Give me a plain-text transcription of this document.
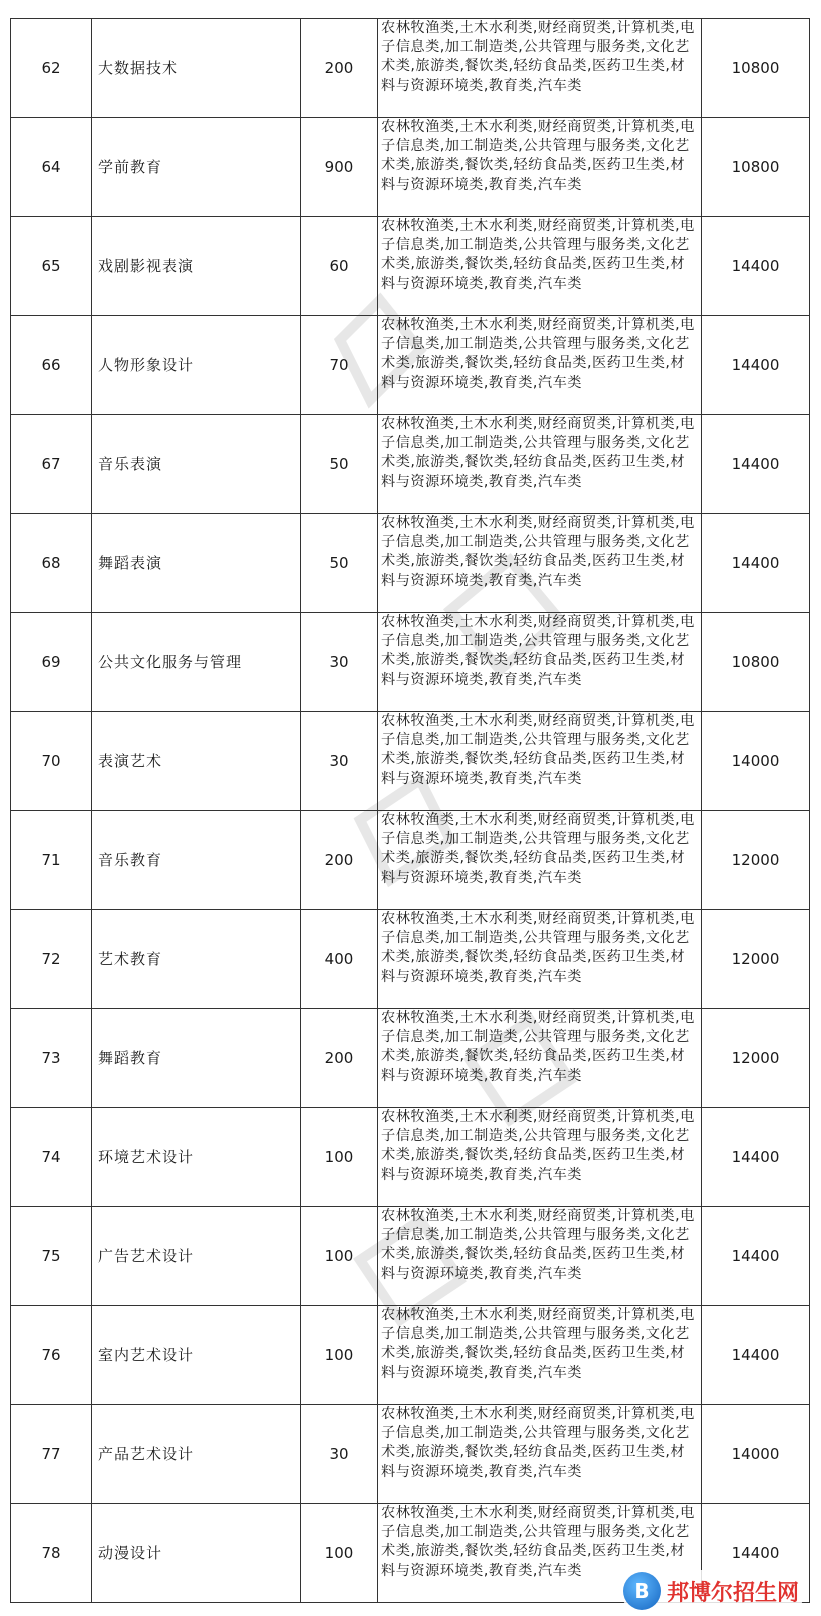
62	大数据技术	200	农林牧渔类,土木水利类,财经商贸类,计算机类,电子信息类,加工制造类,公共管理与服务类,文化艺术类,旅游类,餐饮类,轻纺食品类,医药卫生类,材料与资源环境类,教育类,汽车类	10800
64	学前教育	900	农林牧渔类,土木水利类,财经商贸类,计算机类,电子信息类,加工制造类,公共管理与服务类,文化艺术类,旅游类,餐饮类,轻纺食品类,医药卫生类,材料与资源环境类,教育类,汽车类	10800
65	戏剧影视表演	60	农林牧渔类,土木水利类,财经商贸类,计算机类,电子信息类,加工制造类,公共管理与服务类,文化艺术类,旅游类,餐饮类,轻纺食品类,医药卫生类,材料与资源环境类,教育类,汽车类	14400
66	人物形象设计	70	农林牧渔类,土木水利类,财经商贸类,计算机类,电子信息类,加工制造类,公共管理与服务类,文化艺术类,旅游类,餐饮类,轻纺食品类,医药卫生类,材料与资源环境类,教育类,汽车类	14400
67	音乐表演	50	农林牧渔类,土木水利类,财经商贸类,计算机类,电子信息类,加工制造类,公共管理与服务类,文化艺术类,旅游类,餐饮类,轻纺食品类,医药卫生类,材料与资源环境类,教育类,汽车类	14400
68	舞蹈表演	50	农林牧渔类,土木水利类,财经商贸类,计算机类,电子信息类,加工制造类,公共管理与服务类,文化艺术类,旅游类,餐饮类,轻纺食品类,医药卫生类,材料与资源环境类,教育类,汽车类	14400
69	公共文化服务与管理	30	农林牧渔类,土木水利类,财经商贸类,计算机类,电子信息类,加工制造类,公共管理与服务类,文化艺术类,旅游类,餐饮类,轻纺食品类,医药卫生类,材料与资源环境类,教育类,汽车类	10800
70	表演艺术	30	农林牧渔类,土木水利类,财经商贸类,计算机类,电子信息类,加工制造类,公共管理与服务类,文化艺术类,旅游类,餐饮类,轻纺食品类,医药卫生类,材料与资源环境类,教育类,汽车类	14000
71	音乐教育	200	农林牧渔类,土木水利类,财经商贸类,计算机类,电子信息类,加工制造类,公共管理与服务类,文化艺术类,旅游类,餐饮类,轻纺食品类,医药卫生类,材料与资源环境类,教育类,汽车类	12000
72	艺术教育	400	农林牧渔类,土木水利类,财经商贸类,计算机类,电子信息类,加工制造类,公共管理与服务类,文化艺术类,旅游类,餐饮类,轻纺食品类,医药卫生类,材料与资源环境类,教育类,汽车类	12000
73	舞蹈教育	200	农林牧渔类,土木水利类,财经商贸类,计算机类,电子信息类,加工制造类,公共管理与服务类,文化艺术类,旅游类,餐饮类,轻纺食品类,医药卫生类,材料与资源环境类,教育类,汽车类	12000
74	环境艺术设计	100	农林牧渔类,土木水利类,财经商贸类,计算机类,电子信息类,加工制造类,公共管理与服务类,文化艺术类,旅游类,餐饮类,轻纺食品类,医药卫生类,材料与资源环境类,教育类,汽车类	14400
75	广告艺术设计	100	农林牧渔类,土木水利类,财经商贸类,计算机类,电子信息类,加工制造类,公共管理与服务类,文化艺术类,旅游类,餐饮类,轻纺食品类,医药卫生类,材料与资源环境类,教育类,汽车类	14400
76	室内艺术设计	100	农林牧渔类,土木水利类,财经商贸类,计算机类,电子信息类,加工制造类,公共管理与服务类,文化艺术类,旅游类,餐饮类,轻纺食品类,医药卫生类,材料与资源环境类,教育类,汽车类	14400
77	产品艺术设计	30	农林牧渔类,土木水利类,财经商贸类,计算机类,电子信息类,加工制造类,公共管理与服务类,文化艺术类,旅游类,餐饮类,轻纺食品类,医药卫生类,材料与资源环境类,教育类,汽车类	14000
78	动漫设计	100	农林牧渔类,土木水利类,财经商贸类,计算机类,电子信息类,加工制造类,公共管理与服务类,文化艺术类,旅游类,餐饮类,轻纺食品类,医药卫生类,材料与资源环境类,教育类,汽车类	14400
B 邦博尔招生网
